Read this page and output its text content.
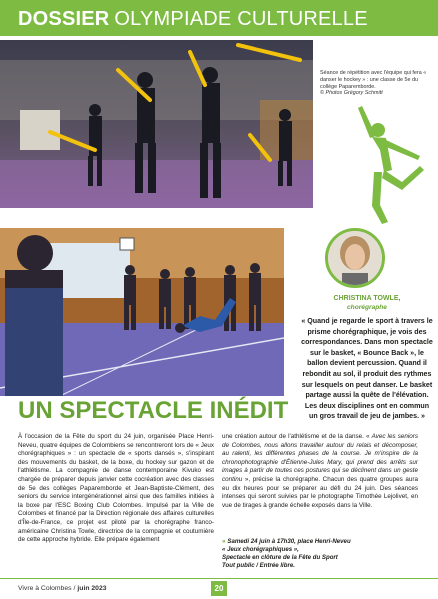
DOSSIER OLYMPIADE CULTURELLE
Séance de répétition avec l'équipe qui fera « danser le hockey » : une classe de 5e du collège Paparemborde.
© Photos Grégory Schmitt
CHRISTINA TOWLE,
chorégraphe
« Quand je regarde le sport à travers le prisme chorégraphique, je vois des correspondances. Dans mon spectacle sur le basket, « Bounce Back », le ballon devient percussion. Quand il rebondit au sol, il produit des rythmes sur lesquels on peut danser. Le basket partage aussi la quête de l'élévation. Les deux disciplines ont en commun un gros travail de jeu de jambes. »
UN SPECTACLE INÉDIT
À l'occasion de la Fête du sport du 24 juin, organisée Place Henri-Neveu, quatre équipes de Colombiens se rencontreront lors de « Jeux chorégraphiques » : un spectacle de « sports dansés », s'inspirant des mouvements du basket, de la boxe, du hockey sur gazon et de l'athlétisme. La compagnie de danse contemporaine Kivuko est chargée de préparer depuis janvier cette cocréation avec des classes de 5e des collèges Paparemborde et Jean-Baptiste-Clément, des seniors du service intergénérationnel ainsi que des familles initiées à la boxe par l'ESC Boxing Club Colombes. Impulsé par la Ville de Colombes et financé par la Direction régionale des affaires culturelles d'Île-de-France, ce projet est piloté par la chorégraphe franco-américaine Christina Towle, directrice de la compagnie et coutumière de cette approche hybride. Elle prépare également
une création autour de l'athlétisme et de la danse. « Avec les seniors de Colombes, nous allons travailler autour du relais et décomposer, au ralenti, les différentes phases de la course. Je m'inspire de la chronophotographie d'Étienne-Jules Mary, qui prend des arrêts sur images à partir de toutes ces postures qui se déclinent dans un geste continu », précise la chorégraphe. Chacun des quatre groupes aura eu dix heures pour se préparer au défi du 24 juin. Des séances intenses qui seront suivies par le photographe Timothée Lejolivet, en vue de tirages à grande échelle exposés dans la Ville.
» Samedi 24 juin à 17h30, place Henri-Neveu
« Jeux chorégraphiques »,
Spectacle en clôture de la Fête du Sport
Tout public / Entrée libre.
Vivre à Colombes / juin 2023	20
